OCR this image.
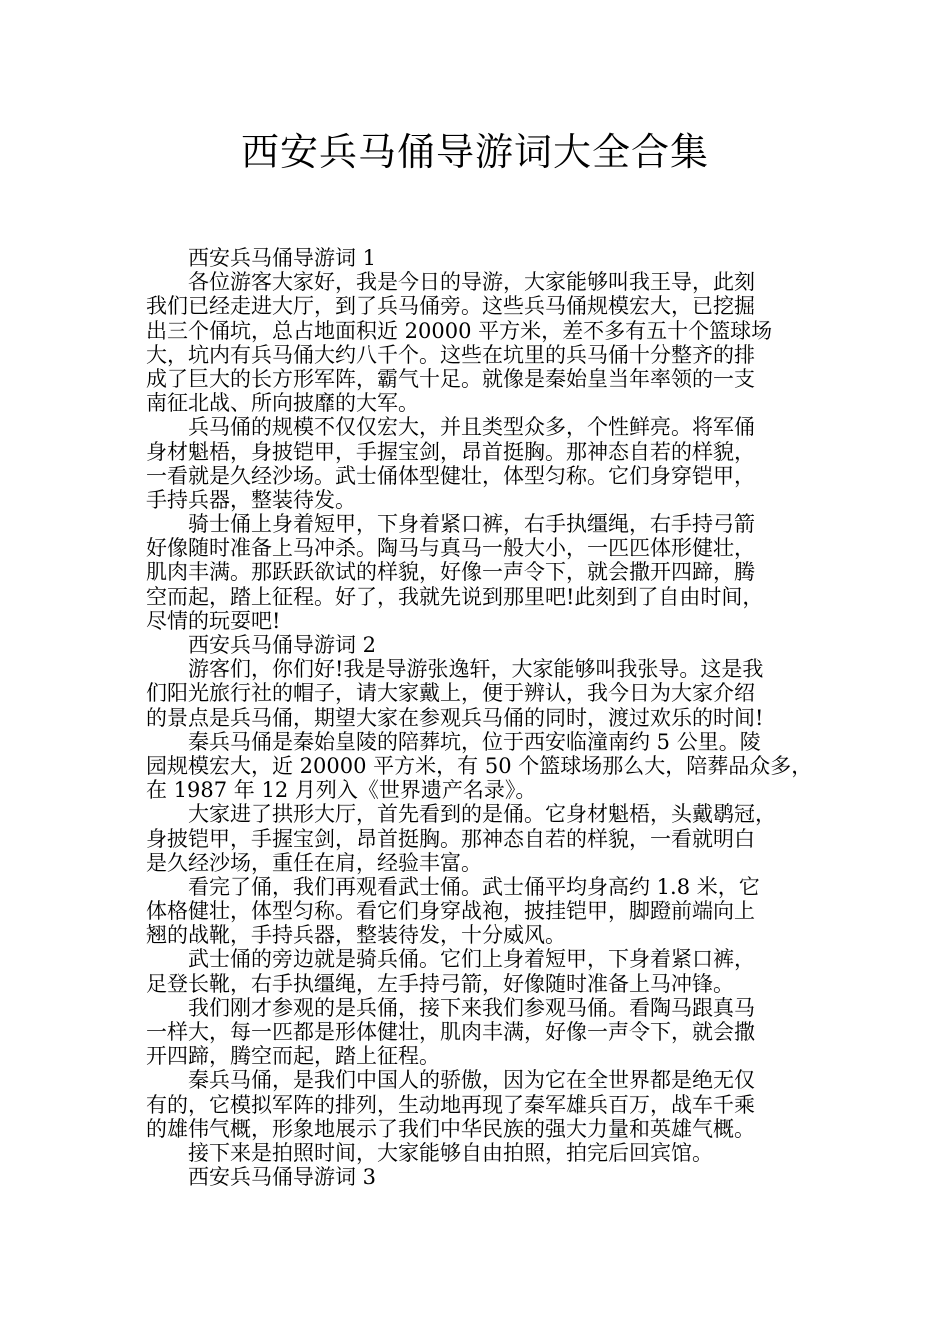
西安兵马俑导游词大全合集
西安兵马俑导游词 1
各位游客大家好，我是今日的导游，大家能够叫我王导，此刻
我们已经走进大厅，到了兵马俑旁。这些兵马俑规模宏大，已挖掘
出三个俑坑，总占地面积近 20000 平方米，差不多有五十个篮球场
大，坑内有兵马俑大约八千个。这些在坑里的兵马俑十分整齐的排
成了巨大的长方形军阵，霸气十足。就像是秦始皇当年率领的一支
南征北战、所向披靡的大军。
兵马俑的规模不仅仅宏大，并且类型众多，个性鲜亮。将军俑
身材魁梧，身披铠甲，手握宝剑，昂首挺胸。那神态自若的样貌，
一看就是久经沙场。武士俑体型健壮，体型匀称。它们身穿铠甲，
手持兵器，整装待发。
骑士俑上身着短甲，下身着紧口裤，右手执缰绳，右手持弓箭
好像随时准备上马冲杀。陶马与真马一般大小，一匹匹体形健壮，
肌肉丰满。那跃跃欲试的样貌，好像一声令下，就会撒开四蹄，腾
空而起，踏上征程。好了，我就先说到那里吧!此刻到了自由时间，
尽情的玩耍吧!
西安兵马俑导游词 2
游客们，你们好!我是导游张逸轩，大家能够叫我张导。这是我
们阳光旅行社的帽子，请大家戴上，便于辨认，我今日为大家介绍
的景点是兵马俑，期望大家在参观兵马俑的同时，渡过欢乐的时间!
秦兵马俑是秦始皇陵的陪葬坑，位于西安临潼南约 5 公里。陵
园规模宏大，近 20000 平方米，有 50 个篮球场那么大，陪葬品众多，
在 1987 年 12 月列入《世界遗产名录》。
大家进了拱形大厅，首先看到的是俑。它身材魁梧，头戴鹖冠，
身披铠甲，手握宝剑，昂首挺胸。那神态自若的样貌，一看就明白
是久经沙场，重任在肩，经验丰富。
看完了俑，我们再观看武士俑。武士俑平均身高约 1.8 米，它
体格健壮，体型匀称。看它们身穿战袍，披挂铠甲，脚蹬前端向上
翘的战靴，手持兵器，整装待发，十分威风。
武士俑的旁边就是骑兵俑。它们上身着短甲，下身着紧口裤，
足登长靴，右手执缰绳，左手持弓箭，好像随时准备上马冲锋。
我们刚才参观的是兵俑，接下来我们参观马俑。看陶马跟真马
一样大，每一匹都是形体健壮，肌肉丰满，好像一声令下，就会撒
开四蹄，腾空而起，踏上征程。
秦兵马俑，是我们中国人的骄傲，因为它在全世界都是绝无仅
有的，它模拟军阵的排列，生动地再现了秦军雄兵百万，战车千乘
的雄伟气概，形象地展示了我们中华民族的强大力量和英雄气概。
接下来是拍照时间，大家能够自由拍照，拍完后回宾馆。
西安兵马俑导游词 3
